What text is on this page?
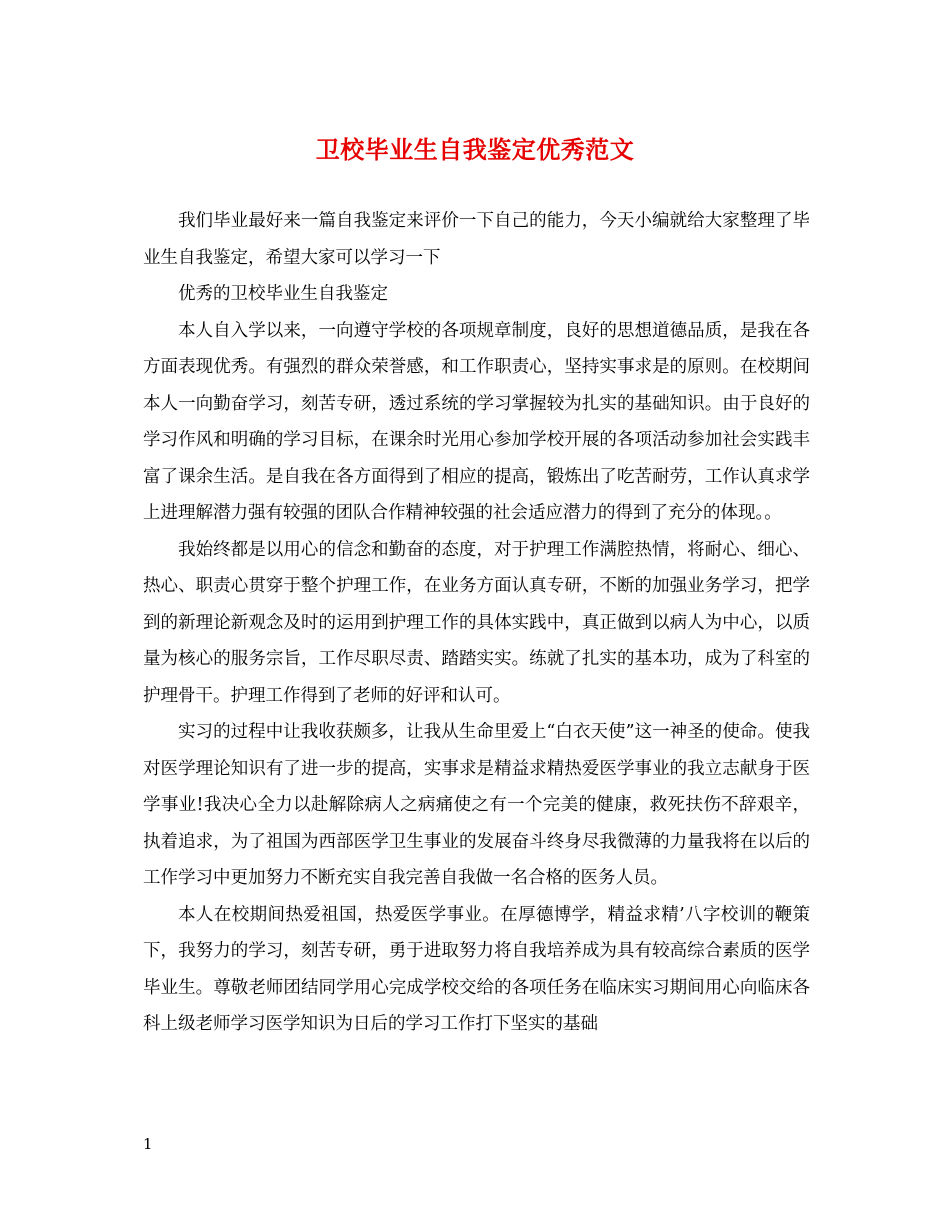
卫校毕业生自我鉴定优秀范文

我们毕业最好来一篇自我鉴定来评价一下自己的能力，今天小编就给大家整理了毕业生自我鉴定，希望大家可以学习一下

优秀的卫校毕业生自我鉴定

本人自入学以来，一向遵守学校的各项规章制度，良好的思想道德品质，是我在各方面表现优秀。有强烈的群众荣誉感，和工作职责心，坚持实事求是的原则。在校期间本人一向勤奋学习，刻苦专研，透过系统的学习掌握较为扎实的基础知识。由于良好的学习作风和明确的学习目标，在课余时光用心参加学校开展的各项活动参加社会实践丰富了课余生活。是自我在各方面得到了相应的提高，锻炼出了吃苦耐劳，工作认真求学上进理解潜力强有较强的团队合作精神较强的社会适应潜力的得到了充分的体现。。

我始终都是以用心的信念和勤奋的态度，对于护理工作满腔热情，将耐心、细心、热心、职责心贯穿于整个护理工作，在业务方面认真专研，不断的加强业务学习，把学到的新理论新观念及时的运用到护理工作的具体实践中，真正做到以病人为中心，以质量为核心的服务宗旨，工作尽职尽责、踏踏实实。练就了扎实的基本功，成为了科室的护理骨干。护理工作得到了老师的好评和认可。

实习的过程中让我收获颇多，让我从生命里爱上“白衣天使”这一神圣的使命。使我对医学理论知识有了进一步的提高，实事求是精益求精热爱医学事业的我立志献身于医学事业!我决心全力以赴解除病人之病痛使之有一个完美的健康，救死扶伤不辞艰辛，执着追求，为了祖国为西部医学卫生事业的发展奋斗终身尽我微薄的力量我将在以后的工作学习中更加努力不断充实自我完善自我做一名合格的医务人员。

本人在校期间热爱祖国，热爱医学事业。在厚德博学，精益求精’八字校训的鞭策下，我努力的学习，刻苦专研，勇于进取努力将自我培养成为具有较高综合素质的医学毕业生。尊敬老师团结同学用心完成学校交给的各项任务在临床实习期间用心向临床各科上级老师学习医学知识为日后的学习工作打下坚实的基础

1
